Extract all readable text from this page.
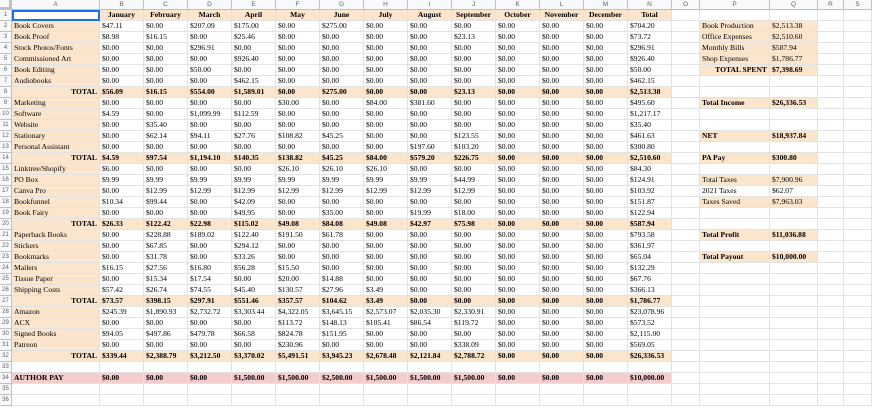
A	B	C	D	E	F	G	H	I	J	K	L	M	N	O	P	Q	R	S
1	January	February	March	April	May	June	July	August	September	October	November	December	Total
2 Book Covers	$47.11	$0.00	$207.09	$175.00	$0.00	$275.00	$0.00	$0.00	$0.00	$0.00	$0.00	$0.00	$704.20
3 Book Proof	$8.98	$16.15	$0.00	$25.46	$0.00	$0.00	$0.00	$0.00	$23.13	$0.00	$0.00	$0.00	$73.72
4 Stock Photos/Fonts	$0.00	$0.00	$296.91	$0.00	$0.00	$0.00	$0.00	$0.00	$0.00	$0.00	$0.00	$0.00	$296.91
5 Commissioned Art	$0.00	$0.00	$0.00	$926.40	$0.00	$0.00	$0.00	$0.00	$0.00	$0.00	$0.00	$0.00	$926.40
6 Book Editing	$0.00	$0.00	$50.00	$0.00	$0.00	$0.00	$0.00	$0.00	$0.00	$0.00	$0.00	$0.00	$50.00
7 Audiobooks	$0.00	$0.00	$0.00	$462.15	$0.00	$0.00	$0.00	$0.00	$0.00	$0.00	$0.00	$0.00	$462.15
8	TOTAL $56.09	$16.15	$554.00	$1,589.01	$0.00	$275.00	$0.00	$0.00	$23.13	$0.00	$0.00	$0.00	$2,513.38
9 Marketing	$0.00	$0.00	$0.00	$0.00	$30.00	$0.00	$84.00	$381.60	$0.00	$0.00	$0.00	$0.00	$495.60
10 Software	$4.59	$0.00	$1,099.99	$112.59	$0.00	$0.00	$0.00	$0.00	$0.00	$0.00	$0.00	$0.00	$1,217.17
11 Website	$0.00	$35.40	$0.00	$0.00	$0.00	$0.00	$0.00	$0.00	$0.00	$0.00	$0.00	$0.00	$35.40
12 Stationary	$0.00	$62.14	$94.11	$27.76	$108.82	$45.25	$0.00	$0.00	$123.55	$0.00	$0.00	$0.00	$461.63
13 Personal Assistant	$0.00	$0.00	$0.00	$0.00	$0.00	$0.00	$0.00	$197.60	$103.20	$0.00	$0.00	$0.00	$300.80
14	TOTAL $4.59	$97.54	$1,194.10	$140.35	$138.82	$45.25	$84.00	$579.20	$226.75	$0.00	$0.00	$0.00	$2,510.60
15 Linktree/Shopify	$6.00	$0.00	$0.00	$0.00	$26.10	$26.10	$26.10	$0.00	$0.00	$0.00	$0.00	$0.00	$84.30
16 PO Box	$9.99	$9.99	$9.99	$9.99	$9.99	$9.99	$9.99	$9.99	$44.99	$0.00	$0.00	$0.00	$124.91
17 Canva Pro	$0.00	$12.99	$12.99	$12.99	$12.99	$12.99	$12.99	$12.99	$12.99	$0.00	$0.00	$0.00	$103.92
18 Bookfunnel	$10.34	$99.44	$0.00	$42.09	$0.00	$0.00	$0.00	$0.00	$0.00	$0.00	$0.00	$0.00	$151.87
19 Book Fairy	$0.00	$0.00	$0.00	$49.95	$0.00	$35.00	$0.00	$19.99	$18.00	$0.00	$0.00	$0.00	$122.94
20	TOTAL $26.33	$122.42	$22.98	$115.02	$49.08	$84.08	$49.08	$42.97	$75.98	$0.00	$0.00	$0.00	$587.94
21 Paperback Books	$0.00	$228.88	$189.02	$122.40	$191.50	$61.78	$0.00	$0.00	$0.00	$0.00	$0.00	$0.00	$793.58
22 Stickers	$0.00	$67.85	$0.00	$294.12	$0.00	$0.00	$0.00	$0.00	$0.00	$0.00	$0.00	$0.00	$361.97
23 Bookmarks	$0.00	$31.78	$0.00	$33.26	$0.00	$0.00	$0.00	$0.00	$0.00	$0.00	$0.00	$0.00	$65.04
24 Mailers	$16.15	$27.56	$16.80	$56.28	$15.50	$0.00	$0.00	$0.00	$0.00	$0.00	$0.00	$0.00	$132.29
25 Tissue Paper	$0.00	$15.34	$17.54	$0.00	$20.00	$14.88	$0.00	$0.00	$0.00	$0.00	$0.00	$0.00	$67.76
26 Shipping Costs	$57.42	$26.74	$74.55	$45.40	$130.57	$27.96	$3.49	$0.00	$0.00	$0.00	$0.00	$0.00	$366.13
27	TOTAL $73.57	$398.15	$297.91	$551.46	$357.57	$104.62	$3.49	$0.00	$0.00	$0.00	$0.00	$0.00	$1,786.77
28 Amazon	$245.39	$1,890.93	$2,732.72	$3,303.44	$4,322.05	$3,645.15	$2,573.07	$2,035.30	$2,330.91	$0.00	$0.00	$0.00	$23,078.96
29 ACX	$0.00	$0.00	$0.00	$0.00	$113.72	$148.13	$105.41	$86.54	$119.72	$0.00	$0.00	$0.00	$573.52
30 Signed Books	$94.05	$497.86	$479.78	$66.58	$824.78	$151.95	$0.00	$0.00	$0.00	$0.00	$0.00	$0.00	$2,115.00
31 Patreon	$0.00	$0.00	$0.00	$0.00	$230.96	$0.00	$0.00	$0.00	$338.09	$0.00	$0.00	$0.00	$569.05
32	TOTAL $339.44	$2,388.79	$3,212.50	$3,370.02	$5,491.51	$3,945.23	$2,678.48	$2,121.84	$2,788.72	$0.00	$0.00	$0.00	$26,336.53
33
34 AUTHOR PAY	$0.00	$0.00	$0.00	$1,500.00	$1,500.00	$2,500.00	$1,500.00	$1,500.00	$1,500.00	$0.00	$0.00	$0.00	$10,000.00
35
36
Book Production	$2,513.38
Office Expenses	$2,510.60
Monthly Bills	$587.94
Shop Expenses	$1,786.77
TOTAL SPENT $7,398.69
Total Income	$26,336.53
NET	$18,937.84
PA Pay	$300.80
Total Taxes	$7,900.96
2021 Taxes	$62.07
Taxes Saved	$7,963.03
Total Profit	$11,036.88
Total Payout	$10,000.00
